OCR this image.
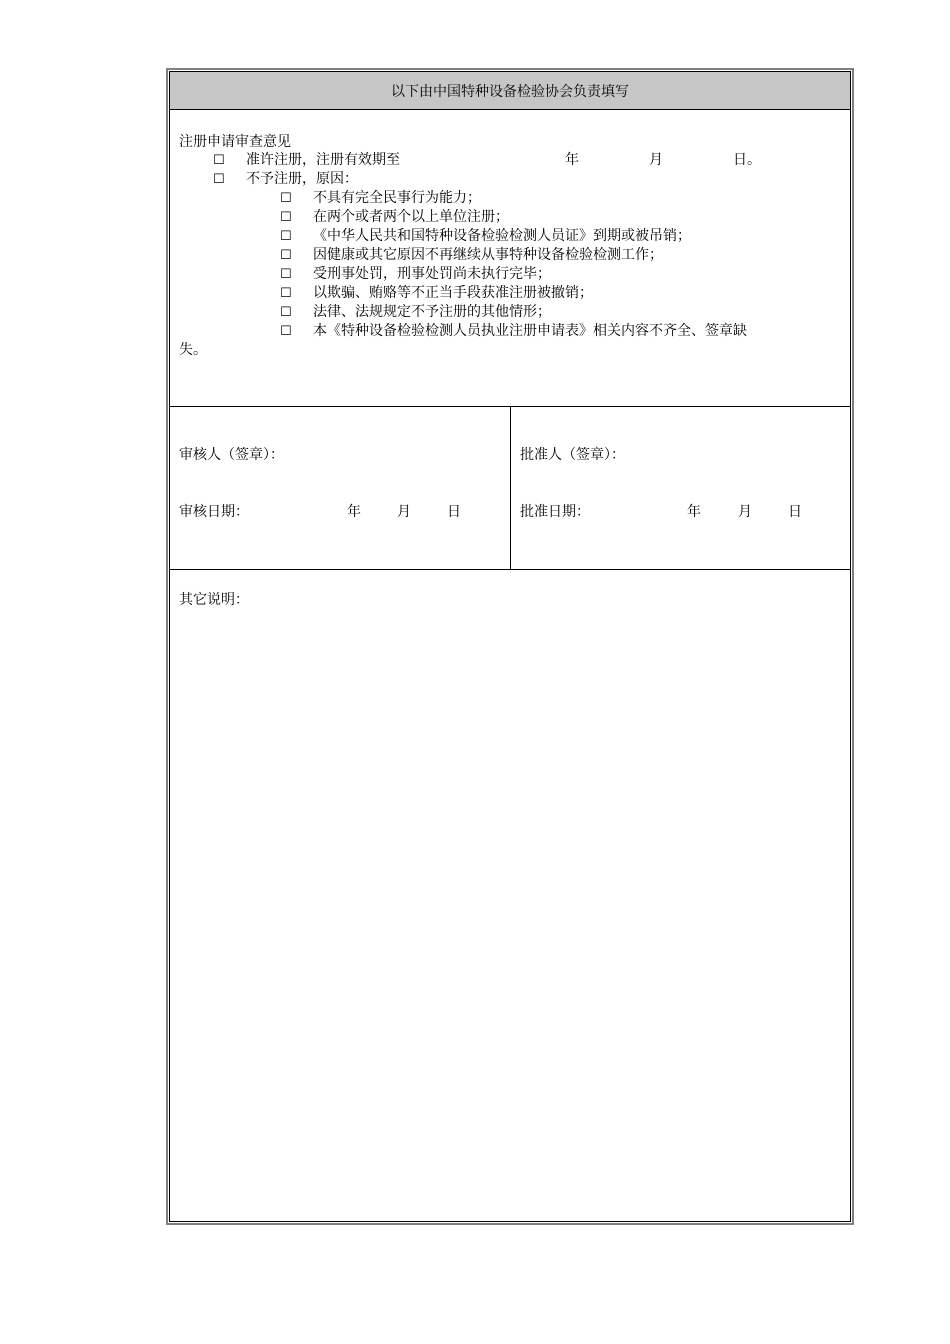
以下由中国特种设备检验协会负责填写
注册申请审查意见
☐ 准许注册，注册有效期至	年	月	日。
☐ 不予注册，原因：
☐ 不具有完全民事行为能力；
☐ 在两个或者两个以上单位注册；
☐ 《中华人民共和国特种设备检验检测人员证》到期或被吊销；
☐ 因健康或其它原因不再继续从事特种设备检验检测工作；
☐ 受刑事处罚，刑事处罚尚未执行完毕；
☐ 以欺骗、贿赂等不正当手段获准注册被撤销；
☐ 法律、法规规定不予注册的其他情形；
☐ 本《特种设备检验检测人员执业注册申请表》相关内容不齐全、签章缺
失。
审核人（签章）：
审核日期：	年	月	日
批准人（签章）：
批准日期：	年	月	日
其它说明：
